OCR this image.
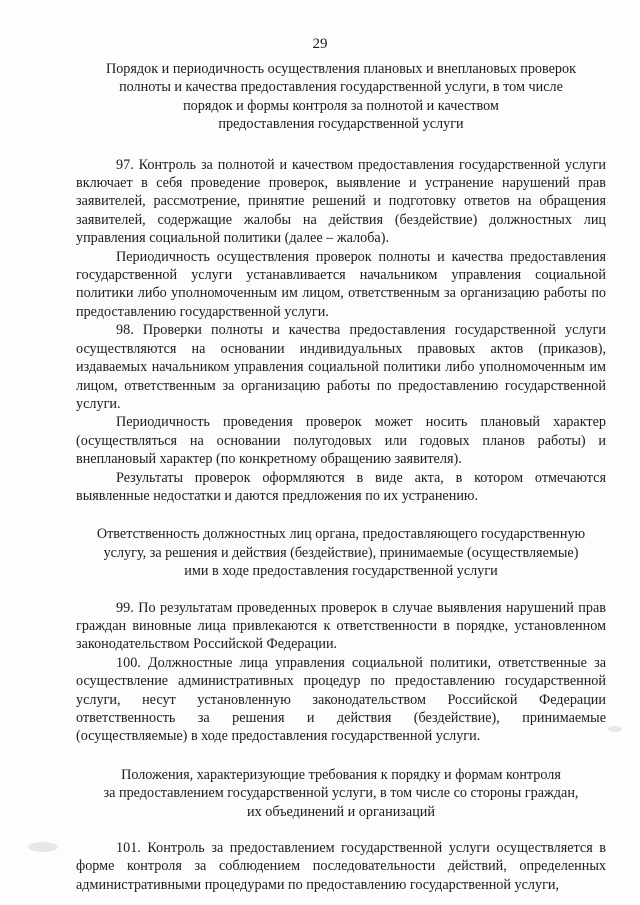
29
Порядок и периодичность осуществления плановых и внеплановых проверок
полноты и качества предоставления государственной услуги, в том числе
порядок и формы контроля за полнотой и качеством
предоставления государственной услуги

97. Контроль за полнотой и качеством предоставления государственной услуги включает в себя проведение проверок, выявление и устранение нарушений прав заявителей, рассмотрение, принятие решений и подготовку ответов на обращения заявителей, содержащие жалобы на действия (бездействие) должностных лиц управления социальной политики (далее – жалоба).

Периодичность осуществления проверок полноты и качества предоставления государственной услуги устанавливается начальником управления социальной политики либо уполномоченным им лицом, ответственным за организацию работы по предоставлению государственной услуги.

98. Проверки полноты и качества предоставления государственной услуги осуществляются на основании индивидуальных правовых актов (приказов), издаваемых начальником управления социальной политики либо уполномоченным им лицом, ответственным за организацию работы по предоставлению государственной услуги.

Периодичность проведения проверок может носить плановый характер (осуществляться на основании полугодовых или годовых планов работы) и внеплановый характер (по конкретному обращению заявителя).

Результаты проверок оформляются в виде акта, в котором отмечаются выявленные недостатки и даются предложения по их устранению.

Ответственность должностных лиц органа, предоставляющего государственную
услугу, за решения и действия (бездействие), принимаемые (осуществляемые)
ими в ходе предоставления государственной услуги

99. По результатам проведенных проверок в случае выявления нарушений прав граждан виновные лица привлекаются к ответственности в порядке, установленном законодательством Российской Федерации.

100. Должностные лица управления социальной политики, ответственные за осуществление административных процедур по предоставлению государственной услуги, несут установленную законодательством Российской Федерации ответственность за решения и действия (бездействие), принимаемые (осуществляемые) в ходе предоставления государственной услуги.

Положения, характеризующие требования к порядку и формам контроля
за предоставлением государственной услуги, в том числе со стороны граждан,
их объединений и организаций

101. Контроль за предоставлением государственной услуги осуществляется в форме контроля за соблюдением последовательности действий, определенных административными процедурами по предоставлению государственной услуги,
